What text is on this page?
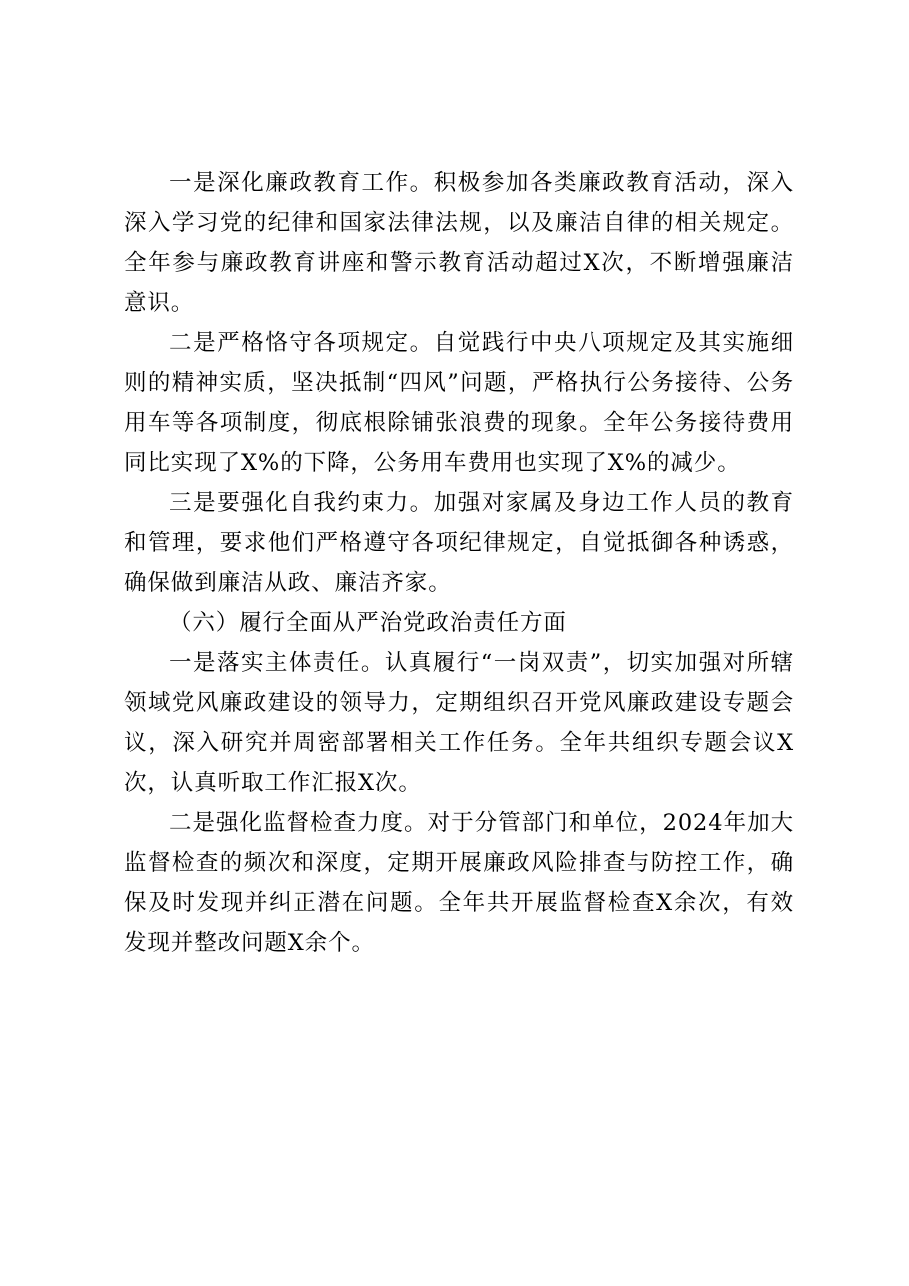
一是深化廉政教育工作。积极参加各类廉政教育活动，深入深入学习党的纪律和国家法律法规，以及廉洁自律的相关规定。全年参与廉政教育讲座和警示教育活动超过X次，不断增强廉洁意识。

二是严格恪守各项规定。自觉践行中央八项规定及其实施细则的精神实质，坚决抵制“四风”问题，严格执行公务接待、公务用车等各项制度，彻底根除铺张浪费的现象。全年公务接待费用同比实现了X%的下降，公务用车费用也实现了X%的减少。

三是要强化自我约束力。加强对家属及身边工作人员的教育和管理，要求他们严格遵守各项纪律规定，自觉抵御各种诱惑，确保做到廉洁从政、廉洁齐家。

（六）履行全面从严治党政治责任方面

一是落实主体责任。认真履行“一岗双责”，切实加强对所辖领域党风廉政建设的领导力，定期组织召开党风廉政建设专题会议，深入研究并周密部署相关工作任务。全年共组织专题会议X次，认真听取工作汇报X次。

二是强化监督检查力度。对于分管部门和单位，2024年加大监督检查的频次和深度，定期开展廉政风险排查与防控工作，确保及时发现并纠正潜在问题。全年共开展监督检查X余次，有效发现并整改问题X余个。
